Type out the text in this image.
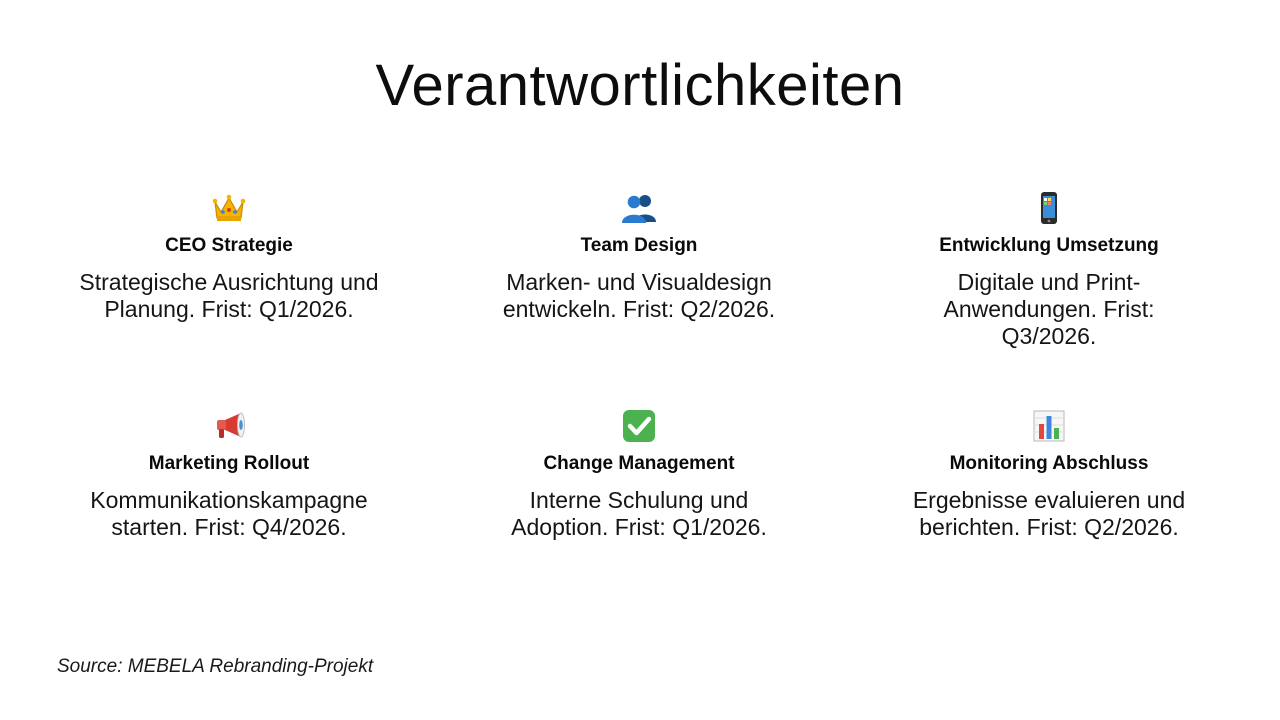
Verantwortlichkeiten
CEO Strategie
Strategische Ausrichtung und Planung. Frist: Q1/2026.
Team Design
Marken- und Visualdesign entwickeln. Frist: Q2/2026.
Entwicklung Umsetzung
Digitale und Print-Anwendungen. Frist: Q3/2026.
Marketing Rollout
Kommunikationskampagne starten. Frist: Q4/2026.
Change Management
Interne Schulung und Adoption. Frist: Q1/2026.
Monitoring Abschluss
Ergebnisse evaluieren und berichten. Frist: Q2/2026.
Source: MEBELA Rebranding-Projekt
